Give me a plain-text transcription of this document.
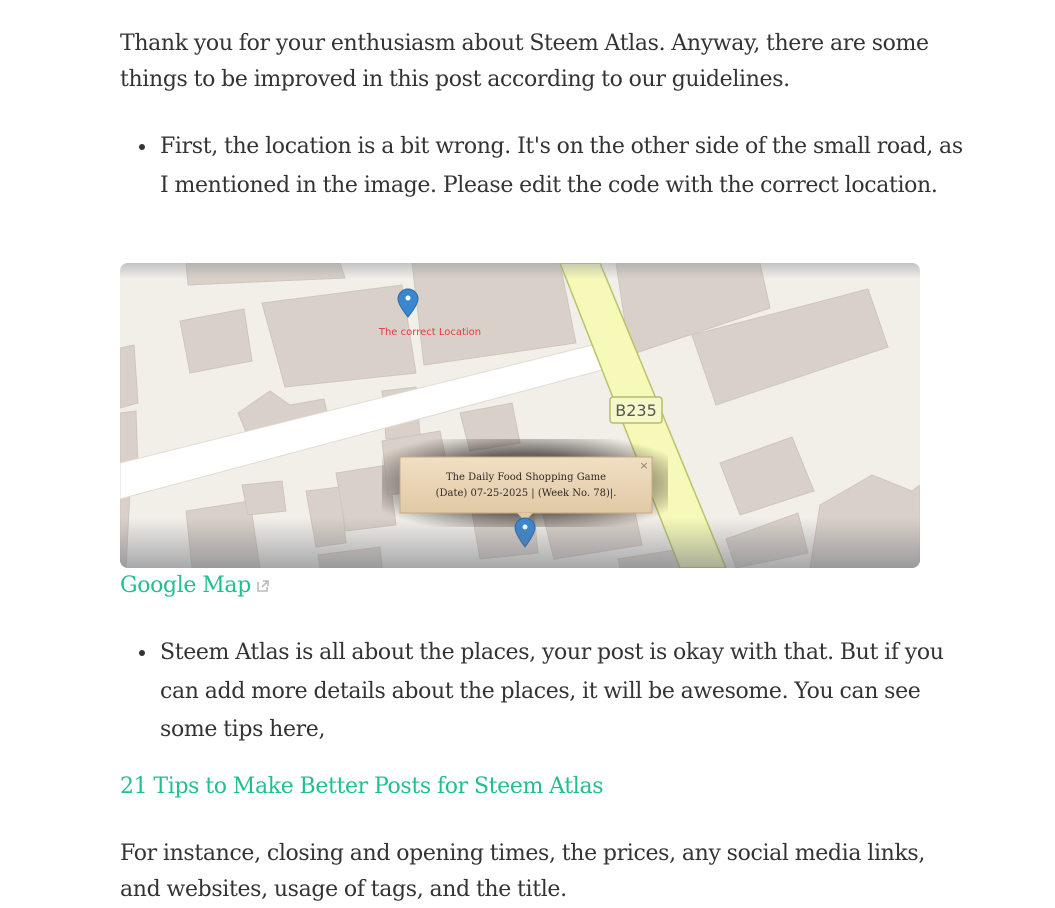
Thank you for your enthusiasm about Steem Atlas. Anyway, there are some things to be improved in this post according to our guidelines.

First, the location is a bit wrong. It's on the other side of the small road, as I mentioned in the image. Please edit the code with the correct location.
B235
The correct Location
The Daily Food Shopping Game
(Date) 07-25-2025 | (Week No. 78)|.
×
Google Map
Steem Atlas is all about the places, your post is okay with that. But if you can add more details about the places, it will be awesome. You can see some tips here,
21 Tips to Make Better Posts for Steem Atlas

For instance, closing and opening times, the prices, any social media links, and websites, usage of tags, and the title.
